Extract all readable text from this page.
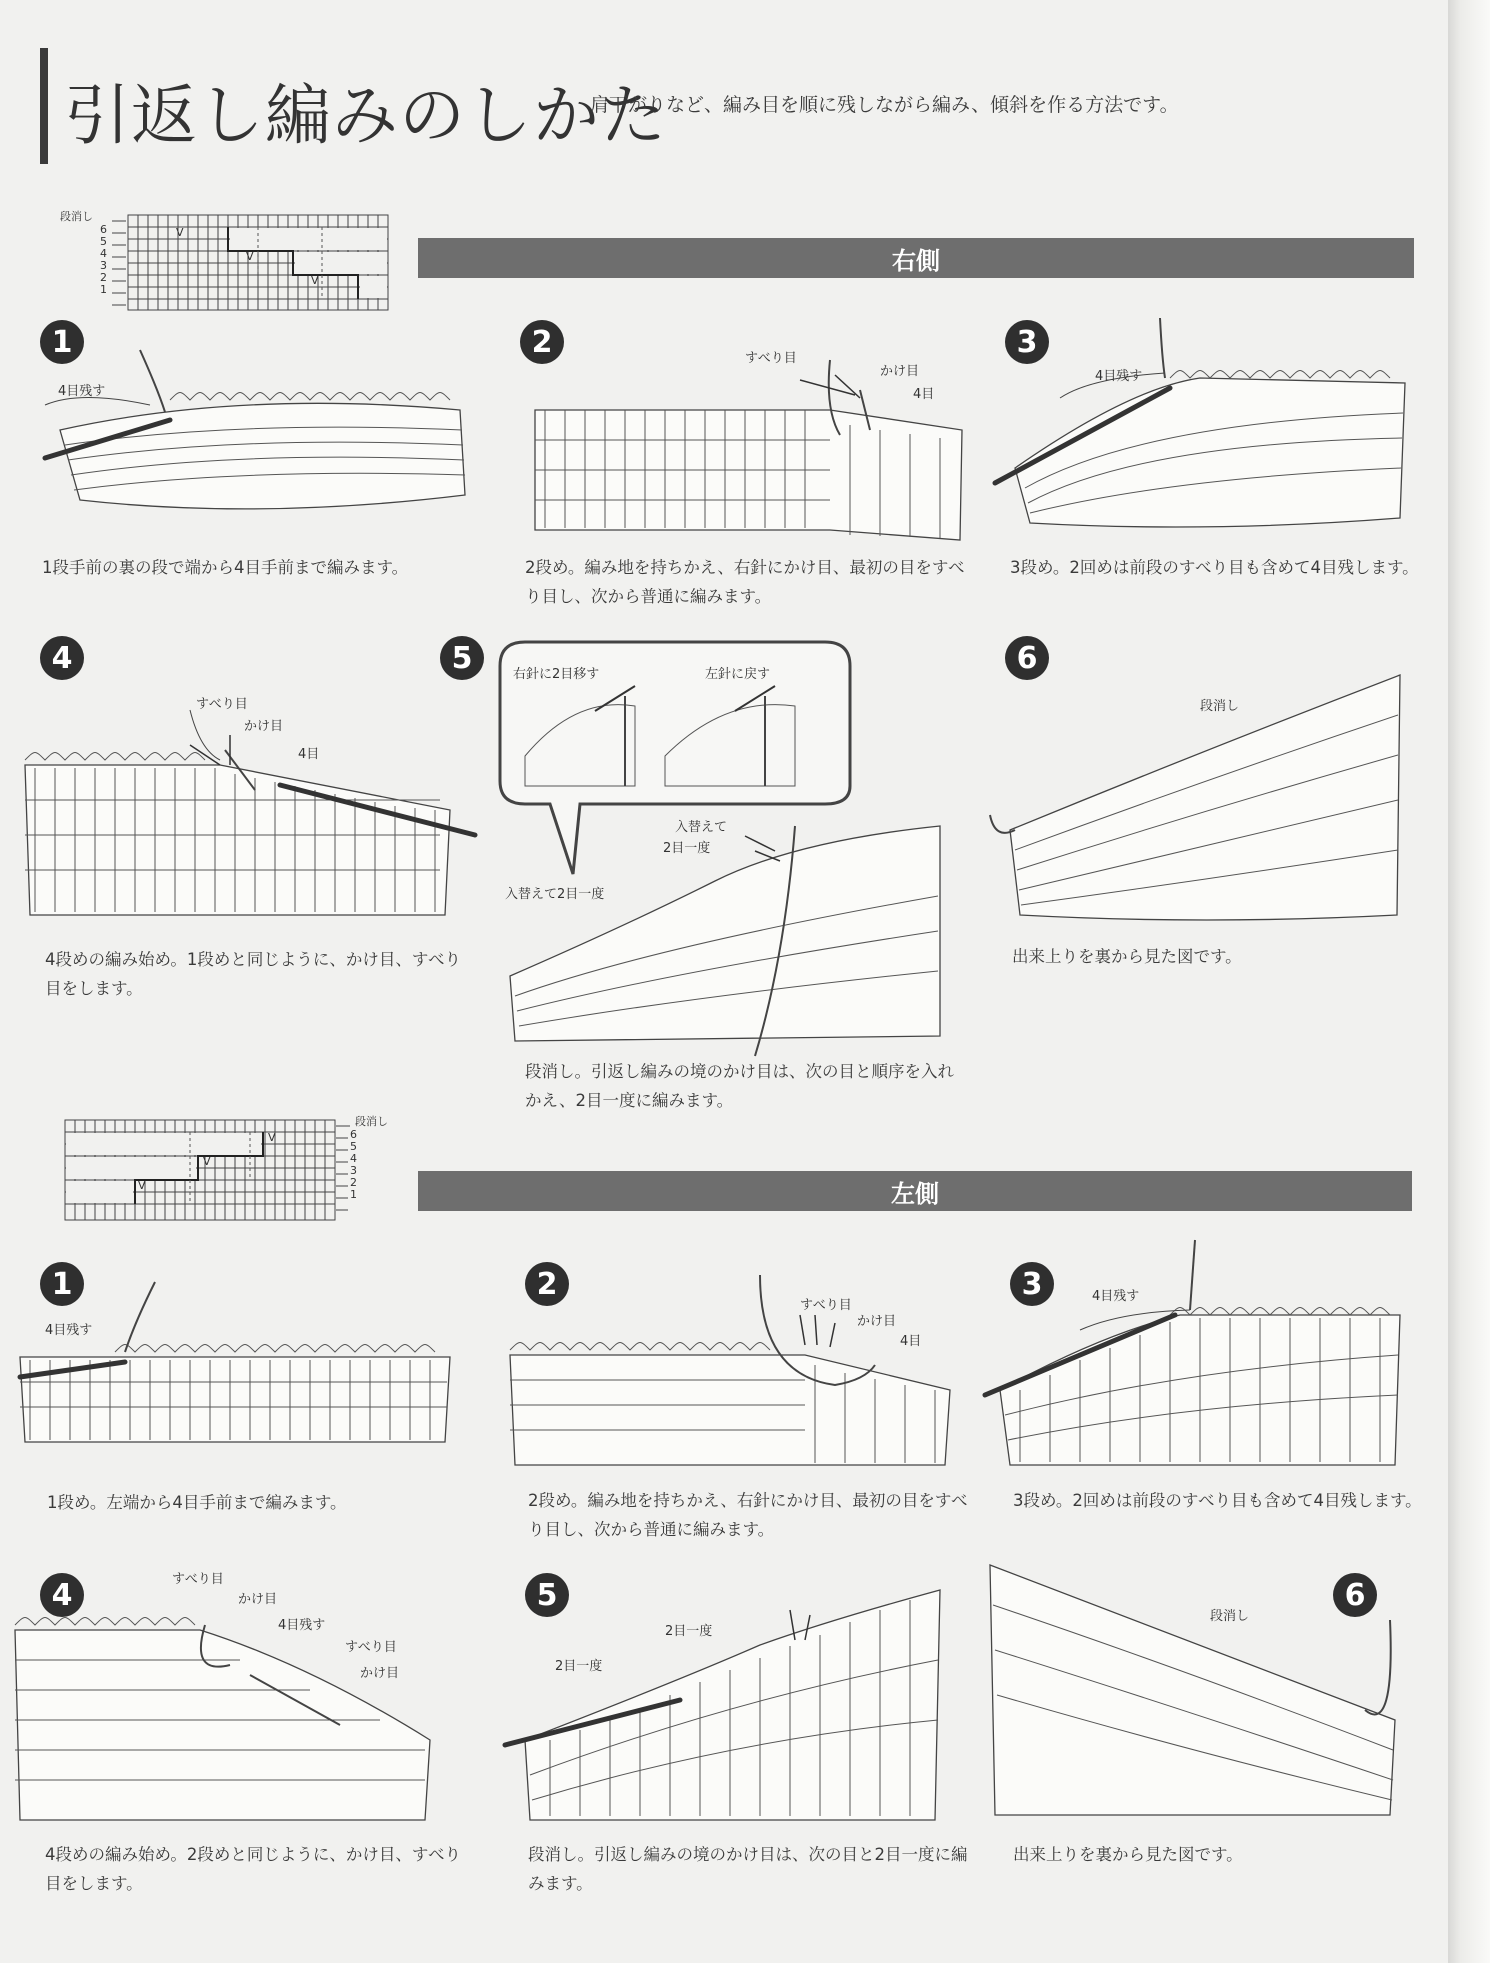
引返し編みのしかた
肩下がりなど、編み目を順に残しながら編み、傾斜を作る方法です。
V
V
V
段消し
6
5
4
3
2
1
右側
1	2	3
4	5	6
4目残す
1段手前の裏の段で端から4目手前まで編みます。
すべり目
かけ目
4目
2段め。編み地を持ちかえ、右針にかけ目、最初の目をすべり目し、次から普通に編みます。
4目残す
3段め。2回めは前段のすべり目も含めて4目残します。
すべり目
かけ目
4目
4段めの編み始め。1段めと同じように、かけ目、すべり目をします。
右針に2目移す	左針に戻す
入替えて
2目一度
入替えて2目一度
段消し。引返し編みの境のかけ目は、次の目と順序を入れかえ、2目一度に編みます。
段消し
出来上りを裏から見た図です。
V
V
V
段消し
6
5
4
3
2
1	左側
1	2	3
4	5	6
4目残す
1段め。左端から4目手前まで編みます。
すべり目
かけ目
4目
2段め。編み地を持ちかえ、右針にかけ目、最初の目をすべり目し、次から普通に編みます。
4目残す
3段め。2回めは前段のすべり目も含めて4目残します。
すべり目
かけ目
4目残す
すべり目
かけ目
4段めの編み始め。2段めと同じように、かけ目、すべり目をします。
2目一度
2目一度
段消し。引返し編みの境のかけ目は、次の目と2目一度に編みます。
段消し
出来上りを裏から見た図です。
